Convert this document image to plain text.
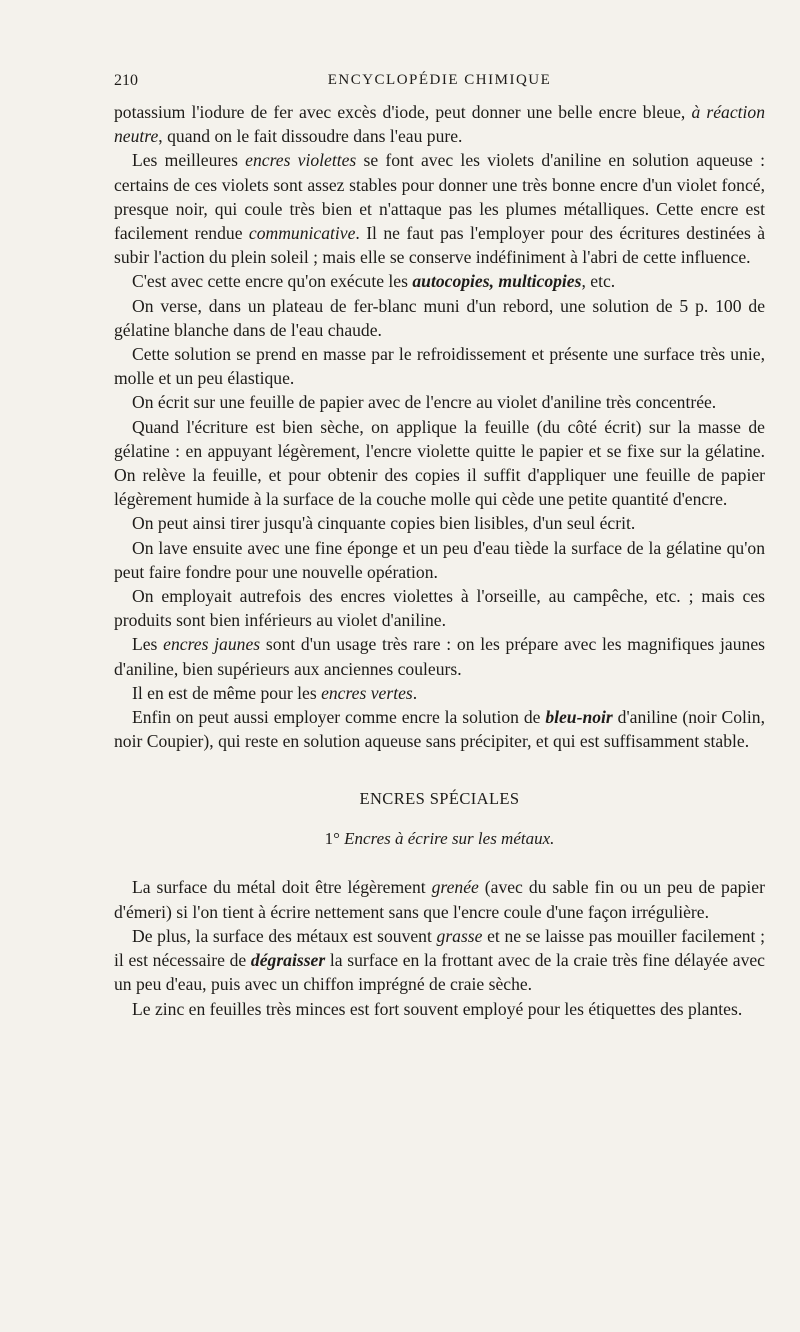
210	ENCYCLOPÉDIE CHIMIQUE

potassium l'iodure de fer avec excès d'iode, peut donner une belle encre bleue, à réaction neutre, quand on le fait dissoudre dans l'eau pure.

Les meilleures encres violettes se font avec les violets d'aniline en solution aqueuse : certains de ces violets sont assez stables pour donner une très bonne encre d'un violet foncé, presque noir, qui coule très bien et n'attaque pas les plumes métalliques. Cette encre est facilement rendue communicative. Il ne faut pas l'employer pour des écritures destinées à subir l'action du plein soleil ; mais elle se conserve indéfiniment à l'abri de cette influence.

C'est avec cette encre qu'on exécute les autocopies, multicopies, etc.

On verse, dans un plateau de fer-blanc muni d'un rebord, une solution de 5 p. 100 de gélatine blanche dans de l'eau chaude.

Cette solution se prend en masse par le refroidissement et présente une surface très unie, molle et un peu élastique.

On écrit sur une feuille de papier avec de l'encre au violet d'aniline très concentrée.

Quand l'écriture est bien sèche, on applique la feuille (du côté écrit) sur la masse de gélatine : en appuyant légèrement, l'encre violette quitte le papier et se fixe sur la gélatine. On relève la feuille, et pour obtenir des copies il suffit d'appliquer une feuille de papier légèrement humide à la surface de la couche molle qui cède une petite quantité d'encre.

On peut ainsi tirer jusqu'à cinquante copies bien lisibles, d'un seul écrit.

On lave ensuite avec une fine éponge et un peu d'eau tiède la surface de la gélatine qu'on peut faire fondre pour une nouvelle opération.

On employait autrefois des encres violettes à l'orseille, au campêche, etc. ; mais ces produits sont bien inférieurs au violet d'aniline.

Les encres jaunes sont d'un usage très rare : on les prépare avec les magnifiques jaunes d'aniline, bien supérieurs aux anciennes couleurs.

Il en est de même pour les encres vertes.

Enfin on peut aussi employer comme encre la solution de bleu-noir d'aniline (noir Colin, noir Coupier), qui reste en solution aqueuse sans précipiter, et qui est suffisamment stable.

ENCRES SPÉCIALES
1° Encres à écrire sur les métaux.

La surface du métal doit être légèrement grenée (avec du sable fin ou un peu de papier d'émeri) si l'on tient à écrire nettement sans que l'encre coule d'une façon irrégulière.

De plus, la surface des métaux est souvent grasse et ne se laisse pas mouiller facilement ; il est nécessaire de dégraisser la surface en la frottant avec de la craie très fine délayée avec un peu d'eau, puis avec un chiffon imprégné de craie sèche.

Le zinc en feuilles très minces est fort souvent employé pour les étiquettes des plantes.
